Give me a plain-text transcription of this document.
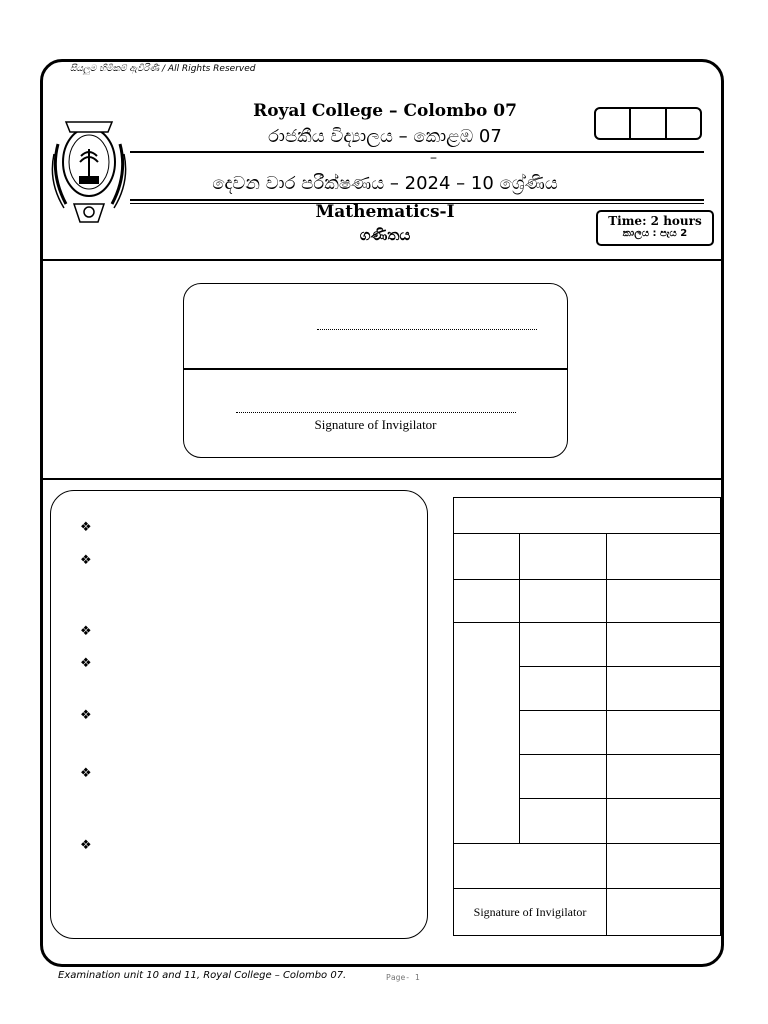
සියලුම හිමිකම් ඇවිරිණි / All Rights Reserved
Royal College – Colombo 07
රාජකීය විද්‍යාලය – කොළඹ 07
–
දෙවන වාර පරීක්ෂණය – 2024 – 10 ශ්‍රේණිය
Mathematics-I
ගණිතය
Time: 2 hours
කාලය : පැය 2
Signature of Invigilator
❖
❖
❖
❖
❖
❖
❖
Signature of Invigilator
Examination unit 10 and 11, Royal College – Colombo 07.	Page- 1
